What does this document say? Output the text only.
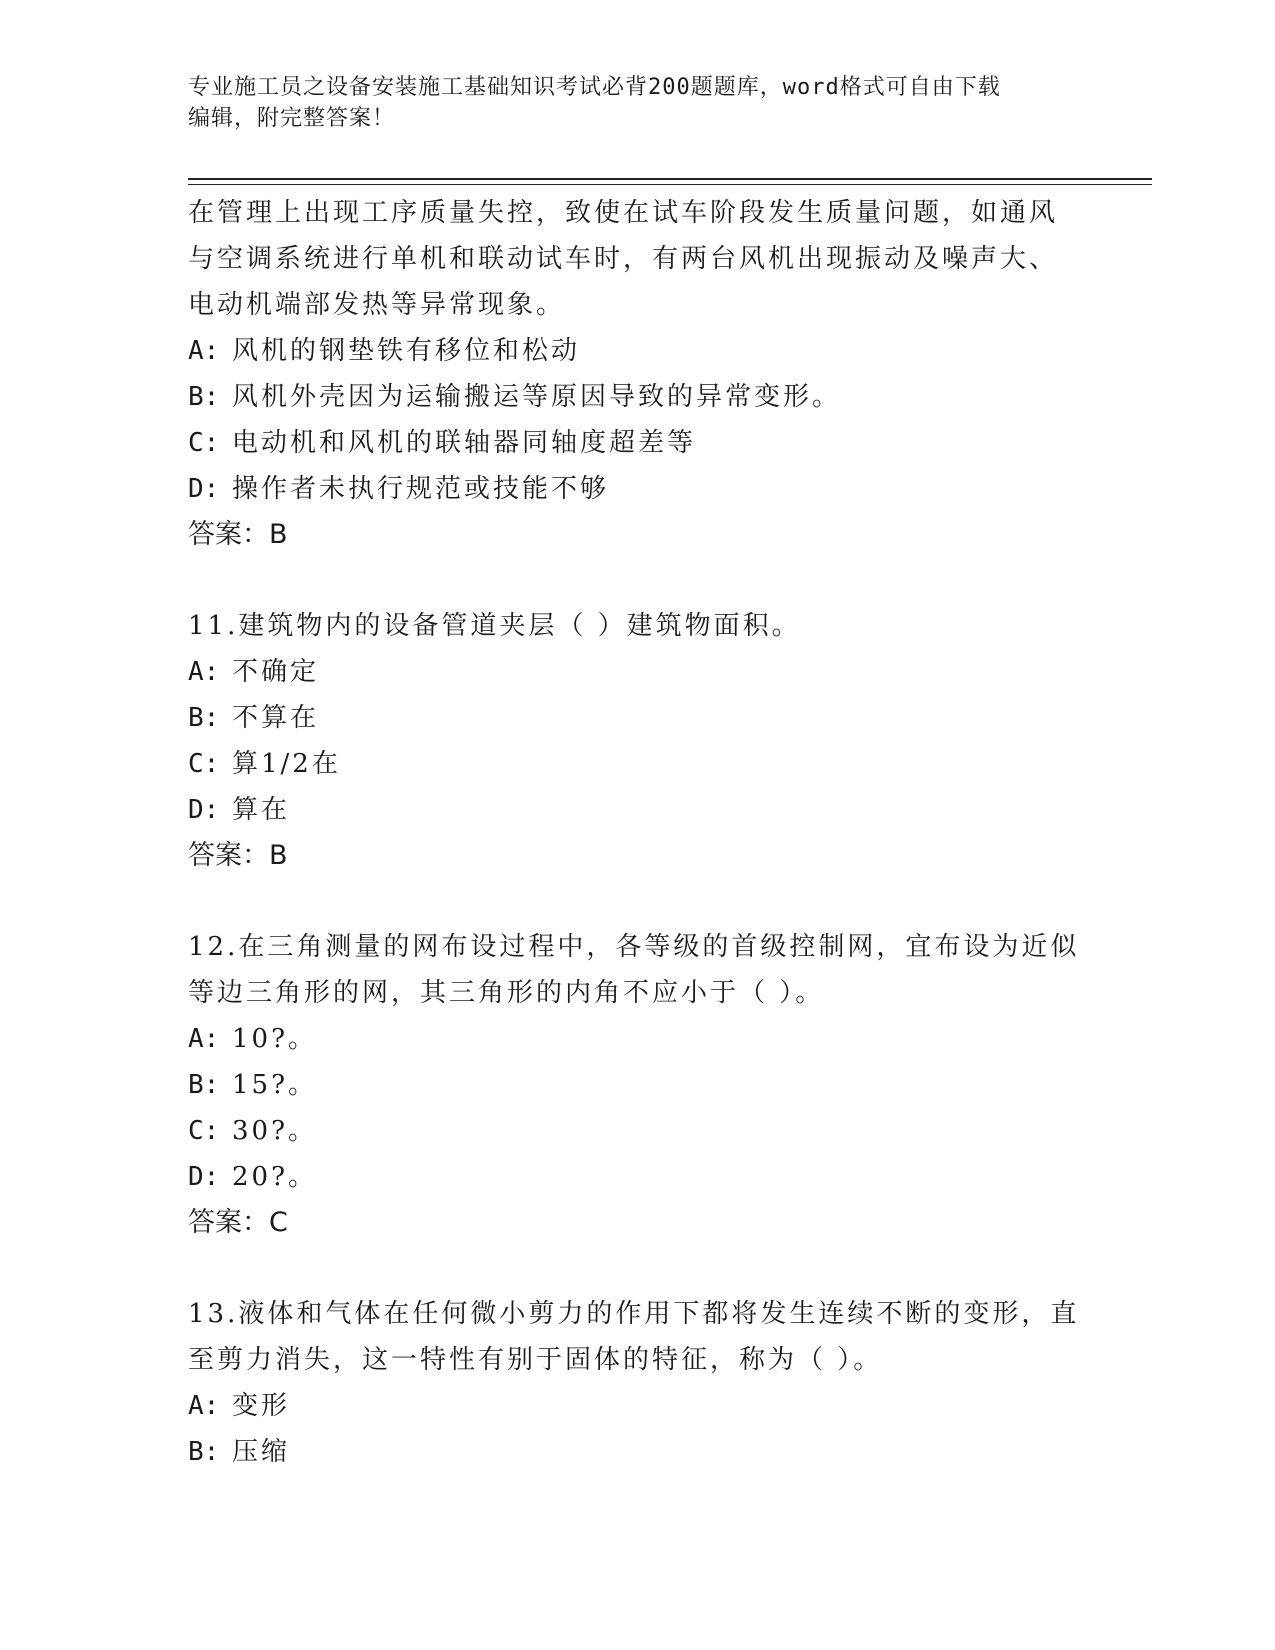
专业施工员之设备安装施工基础知识考试必背200题题库，word格式可自由下载
编辑，附完整答案！
在管理上出现工序质量失控，致使在试车阶段发生质量问题，如通风
与空调系统进行单机和联动试车时，有两台风机出现振动及噪声大、
电动机端部发热等异常现象。
A: 风机的钢垫铁有移位和松动
B: 风机外壳因为运输搬运等原因导致的异常变形。
C: 电动机和风机的联轴器同轴度超差等
D: 操作者未执行规范或技能不够
答案：B
11.建筑物内的设备管道夹层（ ）建筑物面积。
A: 不确定
B: 不算在
C: 算1/2在
D: 算在
答案：B
12.在三角测量的网布设过程中，各等级的首级控制网，宜布设为近似
等边三角形的网，其三角形的内角不应小于（ ）。
A: 10?。
B: 15?。
C: 30?。
D: 20?。
答案：C
13.液体和气体在任何微小剪力的作用下都将发生连续不断的变形，直
至剪力消失，这一特性有别于固体的特征，称为（ ）。
A: 变形
B: 压缩
